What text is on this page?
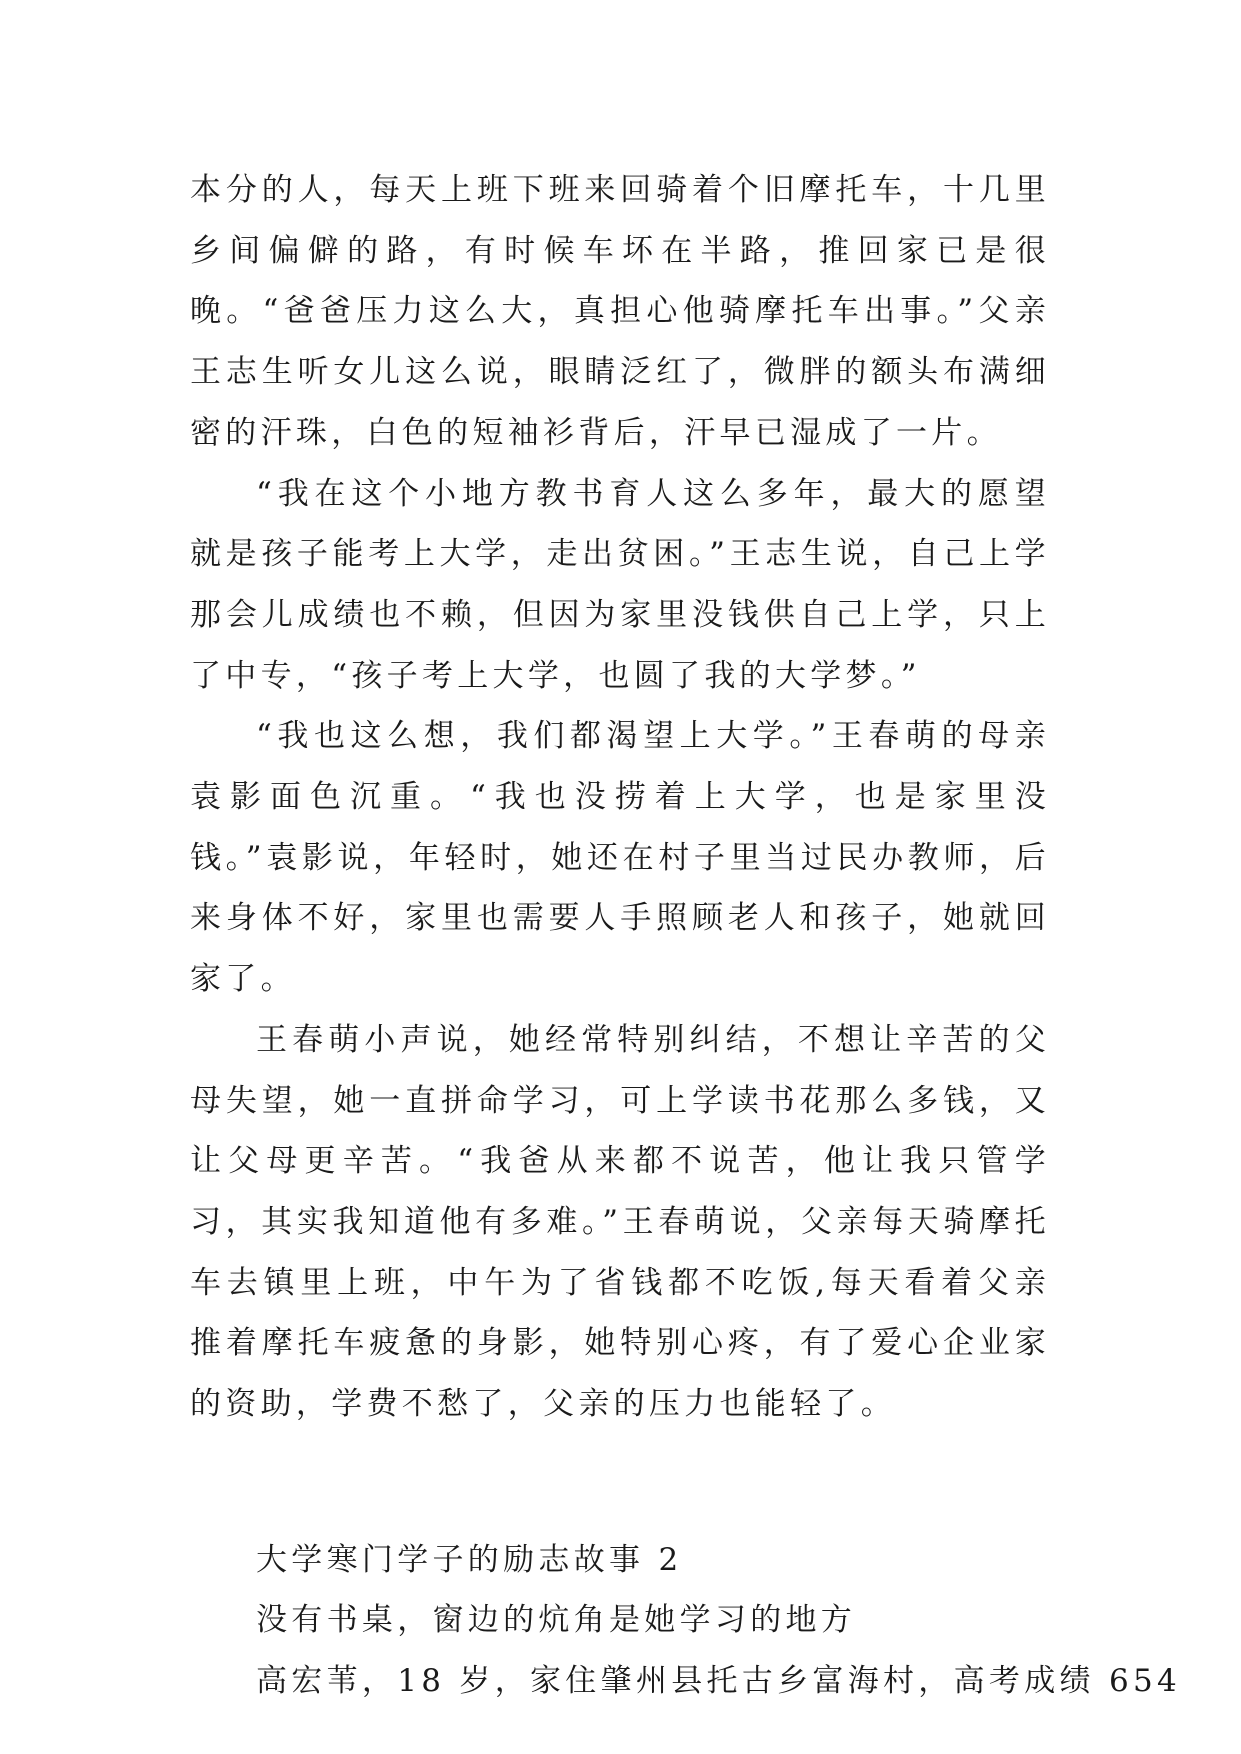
本分的人，每天上班下班来回骑着个旧摩托车，十几里乡间偏僻的路，有时候车坏在半路，推回家已是很晚。“爸爸压力这么大，真担心他骑摩托车出事。”父亲王志生听女儿这么说，眼睛泛红了，微胖的额头布满细密的汗珠，白色的短袖衫背后，汗早已湿成了一片。

“我在这个小地方教书育人这么多年，最大的愿望就是孩子能考上大学，走出贫困。”王志生说，自己上学那会儿成绩也不赖，但因为家里没钱供自己上学，只上了中专，“孩子考上大学，也圆了我的大学梦。”

“我也这么想，我们都渴望上大学。”王春萌的母亲袁影面色沉重。“我也没捞着上大学，也是家里没钱。”袁影说，年轻时，她还在村子里当过民办教师，后来身体不好，家里也需要人手照顾老人和孩子，她就回家了。

王春萌小声说，她经常特别纠结，不想让辛苦的父母失望，她一直拼命学习，可上学读书花那么多钱，又让父母更辛苦。“我爸从来都不说苦，他让我只管学习，其实我知道他有多难。”王春萌说，父亲每天骑摩托车去镇里上班，中午为了省钱都不吃饭,每天看着父亲推着摩托车疲惫的身影，她特别心疼，有了爱心企业家的资助，学费不愁了，父亲的压力也能轻了。

大学寒门学子的励志故事 2

没有书桌，窗边的炕角是她学习的地方

高宏苇，18 岁，家住肇州县托古乡富海村，高考成绩 654
